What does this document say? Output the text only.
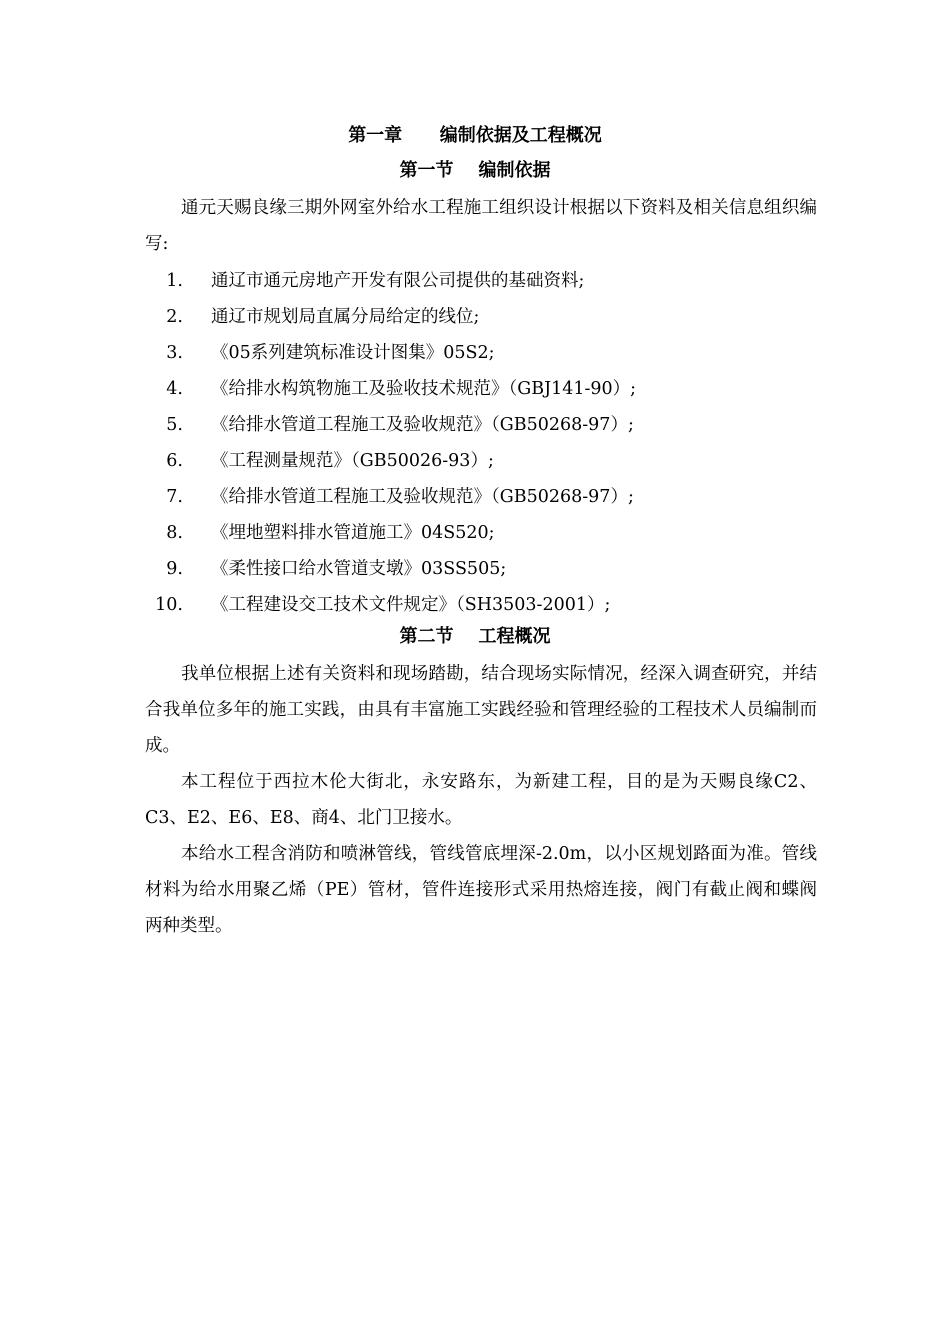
第一章      编制依据及工程概况
第一节    编制依据

通元天赐良缘三期外网室外给水工程施工组织设计根据以下资料及相关信息组织编写:

1. 通辽市通元房地产开发有限公司提供的基础资料;
2. 通辽市规划局直属分局给定的线位;
3. 《05系列建筑标准设计图集》05S2;
4. 《给排水构筑物施工及验收技术规范》（GBJ141-90）;
5. 《给排水管道工程施工及验收规范》（GB50268-97）;
6. 《工程测量规范》（GB50026-93）;
7. 《给排水管道工程施工及验收规范》（GB50268-97）;
8. 《埋地塑料排水管道施工》04S520;
9. 《柔性接口给水管道支墩》03SS505;
10. 《工程建设交工技术文件规定》（SH3503-2001）;
第二节    工程概况

我单位根据上述有关资料和现场踏勘，结合现场实际情况，经深入调查研究，并结合我单位多年的施工实践，由具有丰富施工实践经验和管理经验的工程技术人员编制而成。

本工程位于西拉木伦大街北，永安路东，为新建工程，目的是为天赐良缘C2、C3、E2、E6、E8、商4、北门卫接水。

本给水工程含消防和喷淋管线，管线管底埋深-2.0m，以小区规划路面为准。管线材料为给水用聚乙烯（PE）管材，管件连接形式采用热熔连接，阀门有截止阀和蝶阀两种类型。
